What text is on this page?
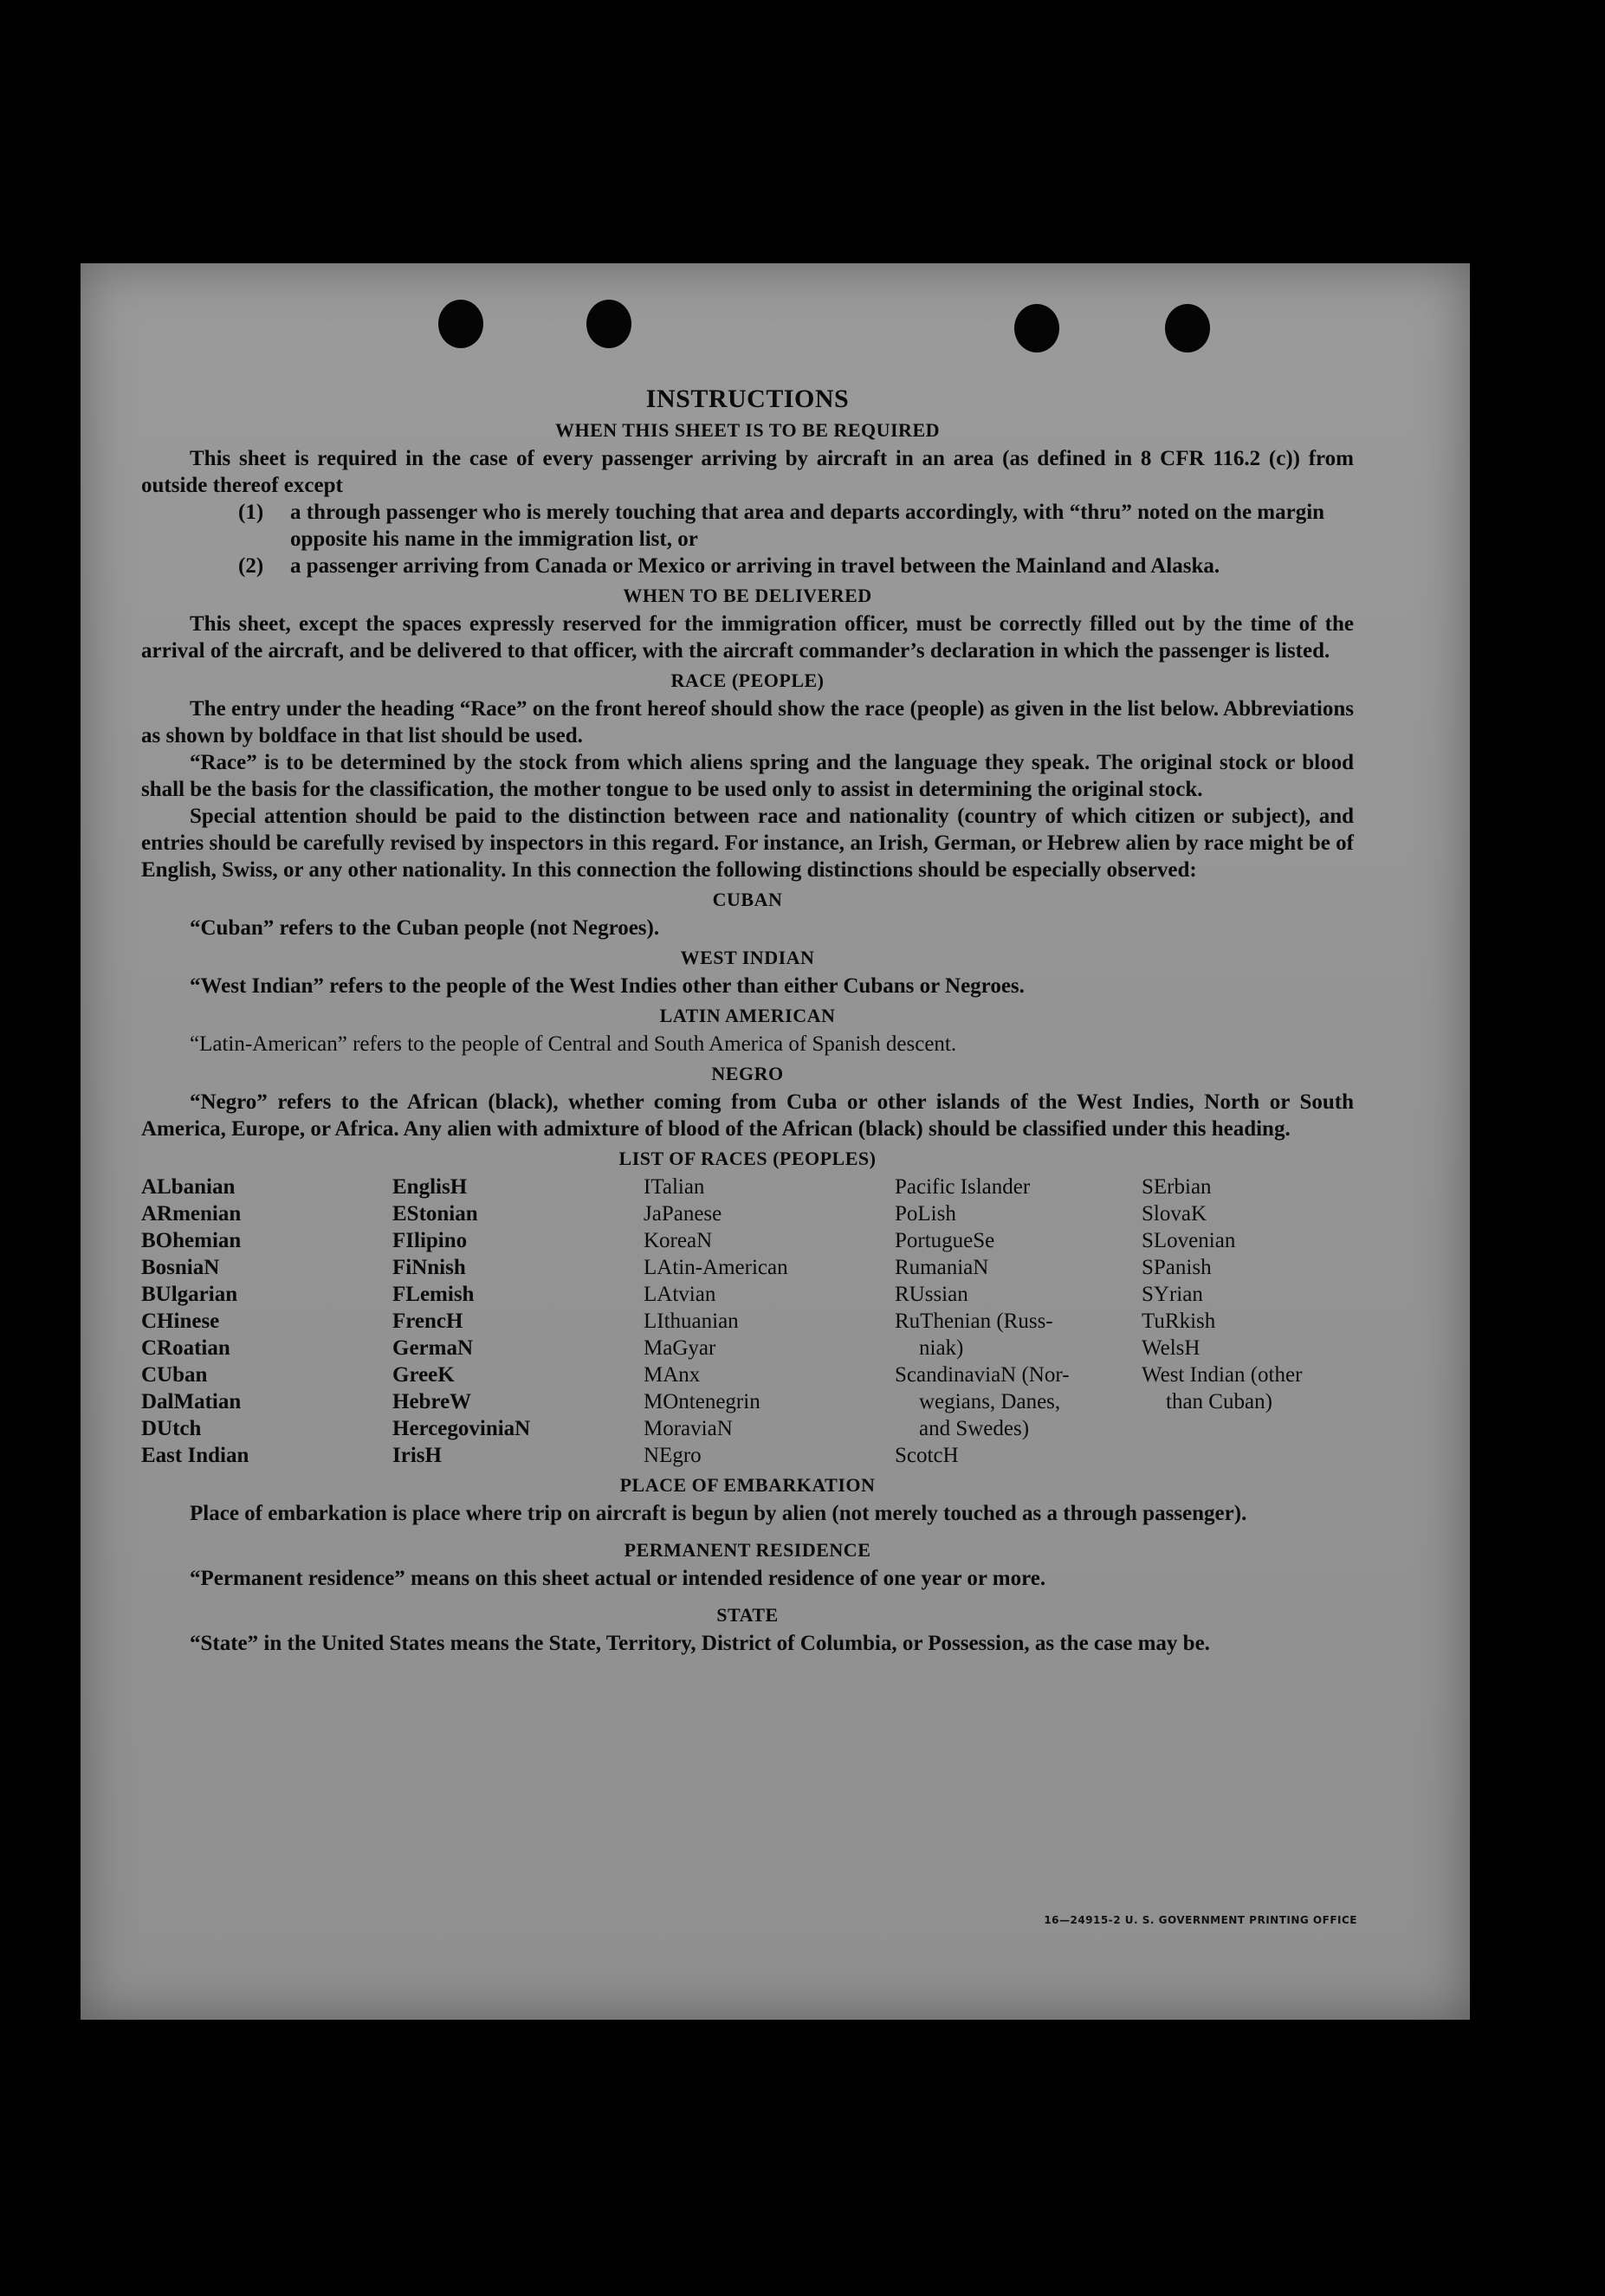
INSTRUCTIONS
WHEN THIS SHEET IS TO BE REQUIRED

This sheet is required in the case of every passenger arriving by aircraft in an area (as defined in 8 CFR 116.2 (c)) from outside thereof except

(1)	a through passenger who is merely touching that area and departs accordingly, with “thru” noted on the margin opposite his name in the immigration list, or
(2)	a passenger arriving from Canada or Mexico or arriving in travel between the Mainland and Alaska.
WHEN TO BE DELIVERED

This sheet, except the spaces expressly reserved for the immigration officer, must be correctly filled out by the time of the arrival of the aircraft, and be delivered to that officer, with the aircraft commander’s declaration in which the passenger is listed.

RACE (PEOPLE)

The entry under the heading “Race” on the front hereof should show the race (people) as given in the list below. Abbreviations as shown by boldface in that list should be used.

“Race” is to be determined by the stock from which aliens spring and the language they speak. The original stock or blood shall be the basis for the classification, the mother tongue to be used only to assist in determining the original stock.

Special attention should be paid to the distinction between race and nationality (country of which citizen or subject), and entries should be carefully revised by inspectors in this regard. For instance, an Irish, German, or Hebrew alien by race might be of English, Swiss, or any other nationality. In this connection the following distinctions should be especially observed:

CUBAN

“Cuban” refers to the Cuban people (not Negroes).

WEST INDIAN

“West Indian” refers to the people of the West Indies other than either Cubans or Negroes.

LATIN AMERICAN

“Latin-American” refers to the people of Central and South America of Spanish descent.

NEGRO

“Negro” refers to the African (black), whether coming from Cuba or other islands of the West Indies, North or South America, Europe, or Africa. Any alien with admixture of blood of the African (black) should be classified under this heading.

LIST OF RACES (PEOPLES)
ALbanian
ARmenian
BOhemian
BosniaN
BUlgarian
CHinese
CRoatian
CUban
DalMatian
DUtch
East Indian
EnglisH
EStonian
FIlipino
FiNnish
FLemish
FrencH
GermaN
GreeK
HebreW
HercegoviniaN
IrisH
ITalian
JaPanese
KoreaN
LAtin-American
LAtvian
LIthuanian
MaGyar
MAnx
MOntenegrin
MoraviaN
NEgro
Pacific Islander
PoLish
PortugueSe
RumaniaN
RUssian
RuThenian (Russ-
niak)
ScandinaviaN (Nor-
wegians, Danes,
and Swedes)
ScotcH
SErbian
SlovaK
SLovenian
SPanish
SYrian
TuRkish
WelsH
West Indian (other
than Cuban)
PLACE OF EMBARKATION

Place of embarkation is place where trip on aircraft is begun by alien (not merely touched as a through passenger).

PERMANENT RESIDENCE

“Permanent residence” means on this sheet actual or intended residence of one year or more.

STATE

“State” in the United States means the State, Territory, District of Columbia, or Possession, as the case may be.

16—24915-2 U. S. GOVERNMENT PRINTING OFFICE
